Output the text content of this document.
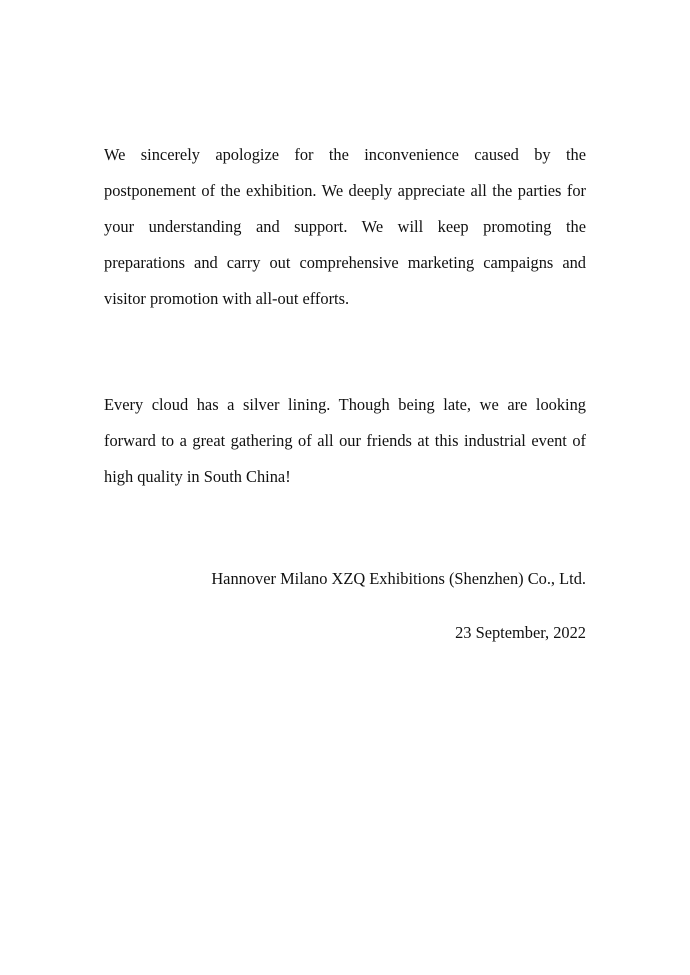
We sincerely apologize for the inconvenience caused by the postponement of the exhibition. We deeply appreciate all the parties for your understanding and support. We will keep promoting the preparations and carry out comprehensive marketing campaigns and visitor promotion with all-out efforts.

Every cloud has a silver lining. Though being late, we are looking forward to a great gathering of all our friends at this industrial event of high quality in South China!

Hannover Milano XZQ Exhibitions (Shenzhen) Co., Ltd.

23 September, 2022
